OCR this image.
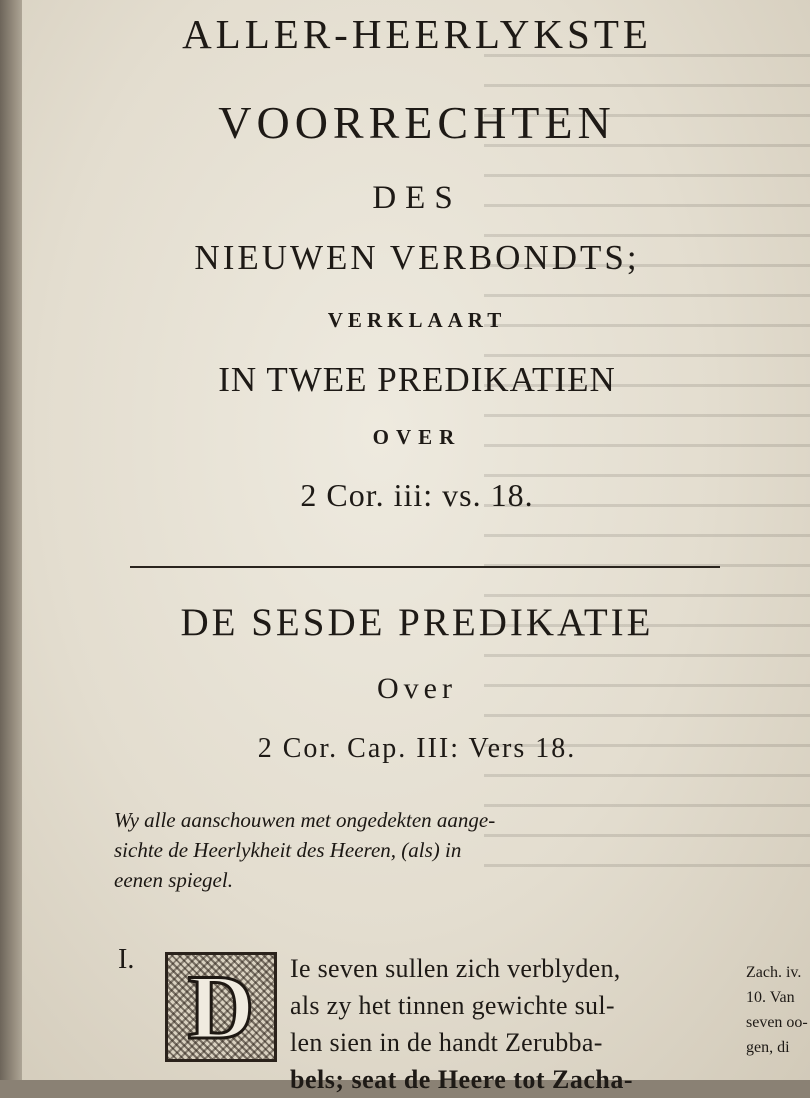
ALLER-HEERLYKSTE

VOORRECHTEN

DES

NIEUWEN VERBONDTS;

VERKLAART

IN TWEE PREDIKATIEN

OVER

2 Cor. iii: vs. 18.

DE SESDE PREDIKATIE

Over

2 Cor. Cap. III: Vers 18.

Wy alle aanschouwen met ongedekten aange-
sichte de Heerlykheit des Heeren, (als) in
eenen spiegel.

I. D Ie seven sullen zich verblyden,
als zy het tinnen gewichte sul-
len sien in de handt Zerubba-
bels; seat de Heere tot Zacha-
Zach. iv.
10. Van
seven oo-
gen, di
